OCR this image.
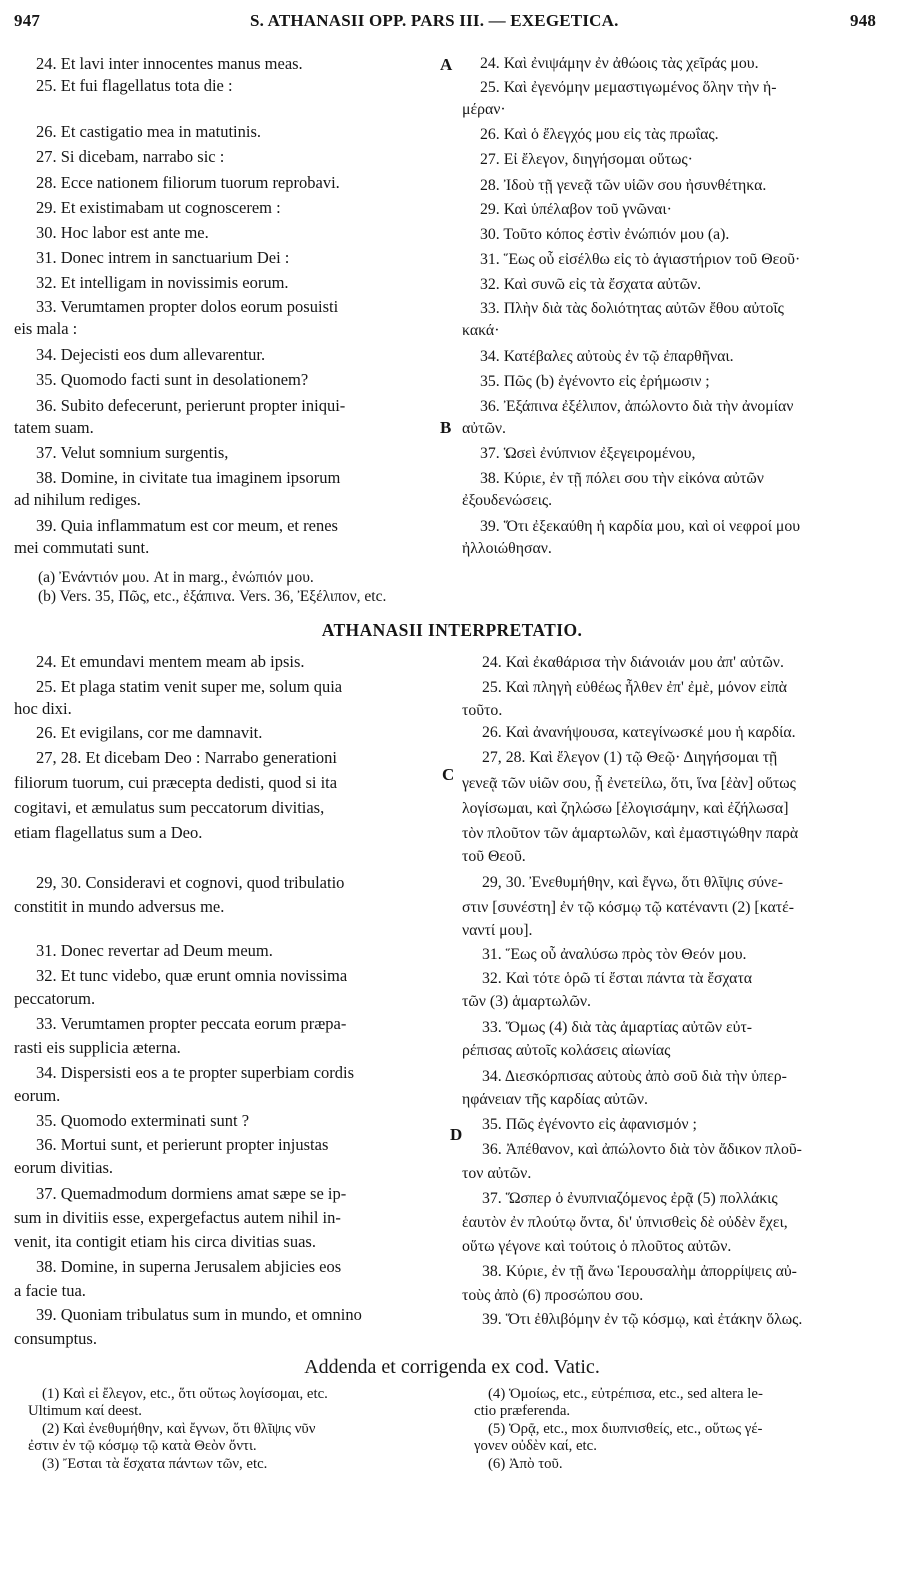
947	S. ATHANASII OPP. PARS III. — EXEGETICA.	948
A
B
C
D
24. Et lavi inter innocentes manus meas.
25. Et fui flagellatus tota die :
26. Et castigatio mea in matutinis.
27. Si dicebam, narrabo sic :
28. Ecce nationem filiorum tuorum reprobavi.
29. Et existimabam ut cognoscerem :
30. Hoc labor est ante me.
31. Donec intrem in sanctuarium Dei :
32. Et intelligam in novissimis eorum.
33. Verumtamen propter dolos eorum posuisti
eis mala :
34. Dejecisti eos dum allevarentur.
35. Quomodo facti sunt in desolationem?
36. Subito defecerunt, perierunt propter iniqui-
tatem suam.
37. Velut somnium surgentis,
38. Domine, in civitate tua imaginem ipsorum
ad nihilum rediges.
39. Quia inflammatum est cor meum, et renes
mei commutati sunt.
24. Καὶ ἐνιψάμην ἐν ἀθώοις τὰς χεῖράς μου.
25. Καὶ ἐγενόμην μεμαστιγωμένος ὅλην τὴν ἡ-
μέραν·
26. Καὶ ὁ ἔλεγχός μου εἰς τὰς πρωΐας.
27. Εἰ ἔλεγον, διηγήσομαι οὕτως·
28. Ἰδοὺ τῇ γενεᾷ τῶν υἱῶν σου ἠσυνθέτηκα.
29. Καὶ ὑπέλαβον τοῦ γνῶναι·
30. Τοῦτο κόπος ἐστὶν ἐνώπιόν μου (a).
31. Ἕως οὗ εἰσέλθω εἰς τὸ ἁγιαστήριον τοῦ Θεοῦ·
32. Καὶ συνῶ εἰς τὰ ἔσχατα αὐτῶν.
33. Πλὴν διὰ τὰς δολιότητας αὐτῶν ἔθου αὐτοῖς
κακά·
34. Κατέβαλες αὐτοὺς ἐν τῷ ἐπαρθῆναι.
35. Πῶς (b) ἐγένοντο εἰς ἐρήμωσιν ;
36. Ἐξάπινα ἐξέλιπον, ἀπώλοντο διὰ τὴν ἀνομίαν
αὐτῶν.
37. Ὡσεὶ ἐνύπνιον ἐξεγειρομένου,
38. Κύριε, ἐν τῇ πόλει σου τὴν εἰκόνα αὐτῶν
ἐξουδενώσεις.
39. Ὅτι ἐξεκαύθη ἡ καρδία μου, καὶ οἱ νεφροί μου
ἠλλοιώθησαν.
(a) Ἐνάντιόν μου. At in marg., ἐνώπιόν μου.
(b) Vers. 35, Πῶς, etc., ἐξάπινα. Vers. 36, Ἐξέλιπον, etc.
ATHANASII INTERPRETATIO.
24. Et emundavi mentem meam ab ipsis.
25. Et plaga statim venit super me, solum quia
hoc dixi.
26. Et evigilans, cor me damnavit.
27, 28. Et dicebam Deo : Narrabo generationi
filiorum tuorum, cui præcepta dedisti, quod si ita
cogitavi, et æmulatus sum peccatorum divitias,
etiam flagellatus sum a Deo.
29, 30. Consideravi et cognovi, quod tribulatio
constitit in mundo adversus me.
31. Donec revertar ad Deum meum.
32. Et tunc videbo, quæ erunt omnia novissima
peccatorum.
33. Verumtamen propter peccata eorum præpa-
rasti eis supplicia æterna.
34. Dispersisti eos a te propter superbiam cordis
eorum.
35. Quomodo exterminati sunt ?
36. Mortui sunt, et perierunt propter injustas
eorum divitias.
37. Quemadmodum dormiens amat sæpe se ip-
sum in divitiis esse, expergefactus autem nihil in-
venit, ita contigit etiam his circa divitias suas.
38. Domine, in superna Jerusalem abjicies eos
a facie tua.
39. Quoniam tribulatus sum in mundo, et omnino
consumptus.
24. Καὶ ἐκαθάρισα τὴν διάνοιάν μου ἀπ' αὐτῶν.
25. Καὶ πληγὴ εὐθέως ἦλθεν ἐπ' ἐμὲ, μόνον εἰπὰ
τοῦτο.
26. Καὶ ἀνανήψουσα, κατεγίνωσκέ μου ἡ καρδία.
27, 28. Καὶ ἔλεγον (1) τῷ Θεῷ· Διηγήσομαι τῇ
γενεᾷ τῶν υἱῶν σου, ᾗ ἐνετείλω, ὅτι, ἵνα [ἐὰν] οὕτως
λογίσωμαι, καὶ ζηλώσω [ἐλογισάμην, καὶ ἐζήλωσα]
τὸν πλοῦτον τῶν ἁμαρτωλῶν, καὶ ἐμαστιγώθην παρὰ
τοῦ Θεοῦ.
29, 30. Ἐνεθυμήθην, καὶ ἔγνω, ὅτι θλῖψις σύνε-
στιν [συνέστη] ἐν τῷ κόσμῳ τῷ κατέναντι (2) [κατέ-
ναντί μου].
31. Ἕως οὗ ἀναλύσω πρὸς τὸν Θεόν μου.
32. Καὶ τότε ὁρῶ τί ἔσται πάντα τὰ ἔσχατα
τῶν (3) ἁμαρτωλῶν.
33. Ὅμως (4) διὰ τὰς ἁμαρτίας αὐτῶν εὐτ-
ρέπισας αὐτοῖς κολάσεις αἰωνίας
34. Διεσκόρπισας αὐτοὺς ἀπὸ σοῦ διὰ τὴν ὑπερ-
ηφάνειαν τῆς καρδίας αὐτῶν.
35. Πῶς ἐγένοντο εἰς ἀφανισμόν ;
36. Ἀπέθανον, καὶ ἀπώλοντο διὰ τὸν ἄδικον πλοῦ-
τον αὐτῶν.
37. Ὥσπερ ὁ ἐνυπνιαζόμενος ἐρᾷ (5) πολλάκις
ἑαυτὸν ἐν πλούτῳ ὄντα, δι' ὑπνισθεὶς δὲ οὐδὲν ἔχει,
οὕτω γέγονε καὶ τούτοις ὁ πλοῦτος αὐτῶν.
38. Κύριε, ἐν τῇ ἄνω Ἱερουσαλὴμ ἀπορρίψεις αὐ-
τοὺς ἀπὸ (6) προσώπου σου.
39. Ὅτι ἐθλιβόμην ἐν τῷ κόσμῳ, καὶ ἐτάκην ὅλως.
Addenda et corrigenda ex cod. Vatic.
(1) Καὶ εἰ ἔλεγον, etc., ὅτι οὕτως λογίσομαι, etc.
Ultimum καί deest.
(2) Καὶ ἐνεθυμήθην, καὶ ἔγνων, ὅτι θλῖψις νῦν
ἐστιν ἐν τῷ κόσμῳ τῷ κατὰ Θεὸν ὄντι.
(3) Ἔσται τὰ ἔσχατα πάντων τῶν, etc.
(4) Ὁμοίως, etc., εὐτρέπισα, etc., sed altera le-
ctio præferenda.
(5) Ὁρᾷ, etc., mox διυπνισθείς, etc., οὕτως γέ-
γονεν οὐδὲν καί, etc.
(6) Ἀπὸ τοῦ.
